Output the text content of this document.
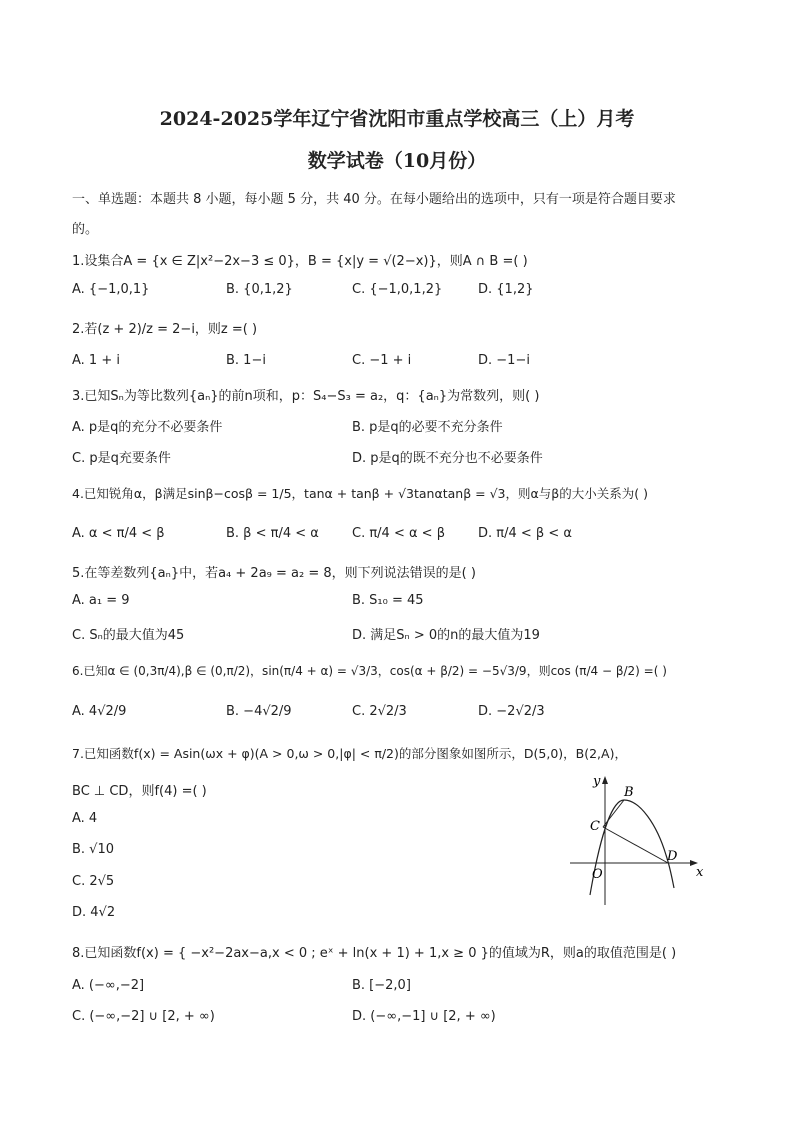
2024-2025学年辽宁省沈阳市重点学校高三（上）月考
数学试卷（10月份）
一、单选题：本题共 8 小题，每小题 5 分，共 40 分。在每小题给出的选项中，只有一项是符合题目要求
的。
1.设集合A = {x ∈ Z|x²−2x−3 ≤ 0}，B = {x|y = √(2−x)}，则A ∩ B =( )
A. {−1,0,1}	B. {0,1,2}	C. {−1,0,1,2}	D. {1,2}
2.若(z + 2)/z = 2−i，则z =( )
A. 1 + i	B. 1−i	C. −1 + i	D. −1−i
3.已知Sₙ为等比数列{aₙ}的前n项和，p：S₄−S₃ = a₂，q：{aₙ}为常数列，则( )
A. p是q的充分不必要条件	B. p是q的必要不充分条件
C. p是q充要条件	D. p是q的既不充分也不必要条件
4.已知锐角α，β满足sinβ−cosβ = 1/5，tanα + tanβ + √3tanαtanβ = √3，则α与β的大小关系为( )
A. α < π/4 < β	B. β < π/4 < α	C. π/4 < α < β	D. π/4 < β < α
5.在等差数列{aₙ}中，若a₄ + 2a₉ = a₂ = 8，则下列说法错误的是( )
A. a₁ = 9	B. S₁₀ = 45
C. Sₙ的最大值为45	D. 满足Sₙ > 0的n的最大值为19
6.已知α ∈ (0,3π/4),β ∈ (0,π/2)，sin(π/4 + α) = √3/3，cos(α + β/2) = −5√3/9，则cos (π/4 − β/2) =( )
A. 4√2/9	B. −4√2/9	C. 2√2/3	D. −2√2/3
7.已知函数f(x) = Asin(ωx + φ)(A > 0,ω > 0,|φ| < π/2)的部分图象如图所示，D(5,0)，B(2,A)，
BC ⊥ CD，则f(4) =( )
A. 4
B. √10
C. 2√5
D. 4√2
y
x
O
B
C
D
8.已知函数f(x) = { −x²−2ax−a,x < 0 ; eˣ + ln(x + 1) + 1,x ≥ 0 }的值域为R，则a的取值范围是( )
A. (−∞,−2]	B. [−2,0]
C. (−∞,−2] ∪ [2, + ∞)	D. (−∞,−1] ∪ [2, + ∞)
